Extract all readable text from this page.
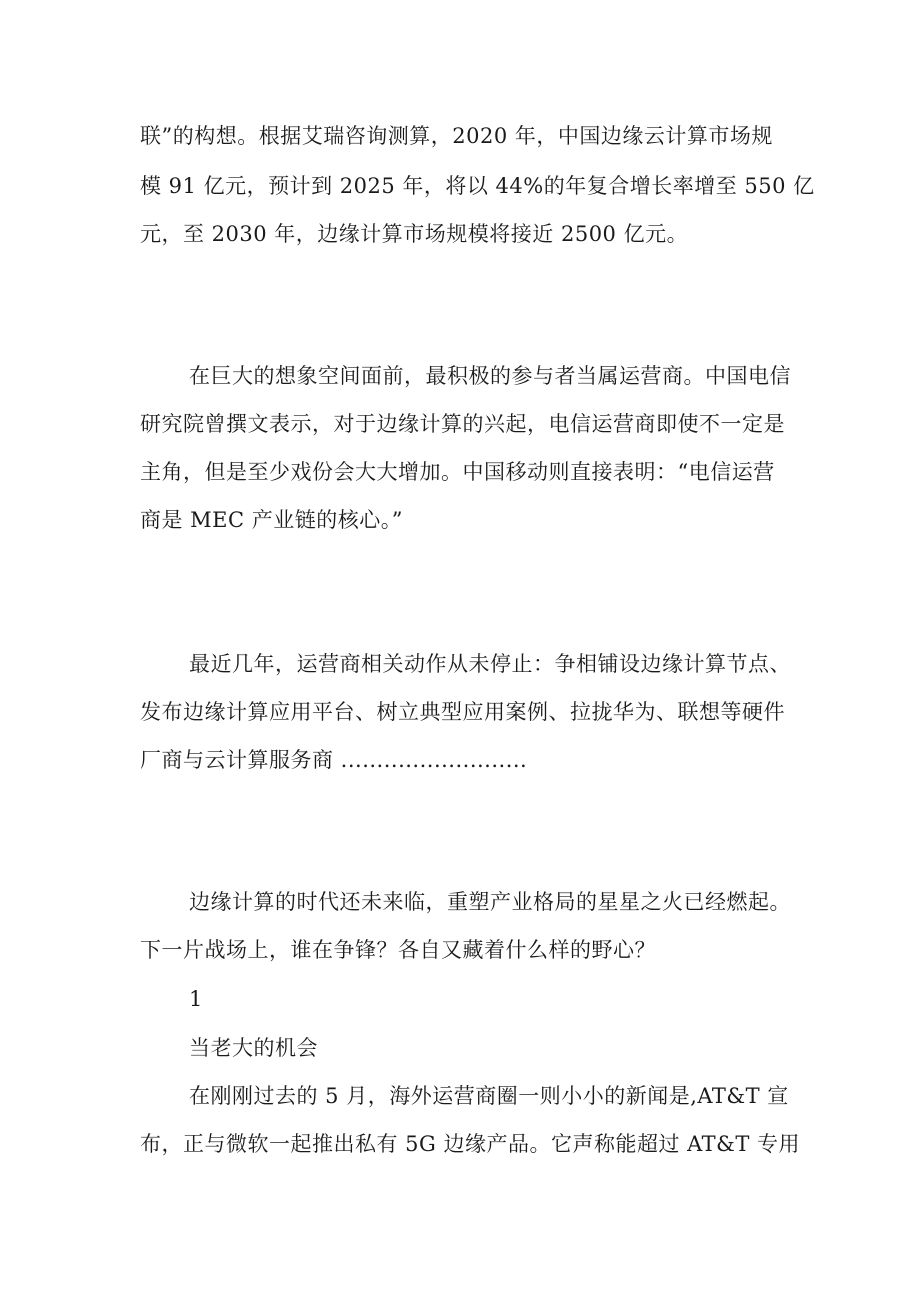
联”的构想。根据艾瑞咨询测算，2020 年，中国边缘云计算市场规
模 91 亿元，预计到 2025 年，将以 44%的年复合增长率增至 550 亿
元，至 2030 年，边缘计算市场规模将接近 2500 亿元。
在巨大的想象空间面前，最积极的参与者当属运营商。中国电信
研究院曾撰文表示，对于边缘计算的兴起，电信运营商即使不一定是
主角，但是至少戏份会大大增加。中国移动则直接表明：“电信运营
商是 MEC 产业链的核心。”
最近几年，运营商相关动作从未停止：争相铺设边缘计算节点、
发布边缘计算应用平台、树立典型应用案例、拉拢华为、联想等硬件
厂商与云计算服务商 ..........................
边缘计算的时代还未来临，重塑产业格局的星星之火已经燃起。
下一片战场上，谁在争锋？各自又藏着什么样的野心？
1
当老大的机会
在刚刚过去的 5 月，海外运营商圈一则小小的新闻是,AT&T 宣
布，正与微软一起推出私有 5G 边缘产品。它声称能超过 AT&T 专用
